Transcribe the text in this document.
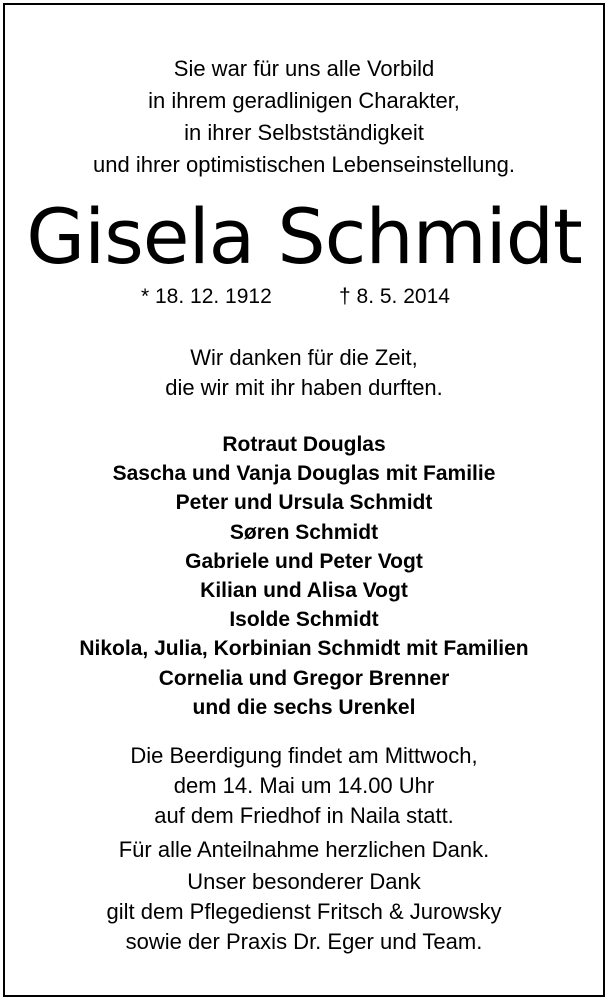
Sie war für uns alle Vorbild
in ihrem geradlinigen Charakter,
in ihrer Selbstständigkeit
und ihrer optimistischen Lebenseinstellung.
Gisela Schmidt
* 18. 12. 1912	† 8. 5. 2014
Wir danken für die Zeit,
die wir mit ihr haben durften.
Rotraut Douglas
Sascha und Vanja Douglas mit Familie
Peter und Ursula Schmidt
Søren Schmidt
Gabriele und Peter Vogt
Kilian und Alisa Vogt
Isolde Schmidt
Nikola, Julia, Korbinian Schmidt mit Familien
Cornelia und Gregor Brenner
und die sechs Urenkel
Die Beerdigung findet am Mittwoch,
dem 14. Mai um 14.00 Uhr
auf dem Friedhof in Naila statt.
Für alle Anteilnahme herzlichen Dank.
Unser besonderer Dank
gilt dem Pflegedienst Fritsch & Jurowsky
sowie der Praxis Dr. Eger und Team.
